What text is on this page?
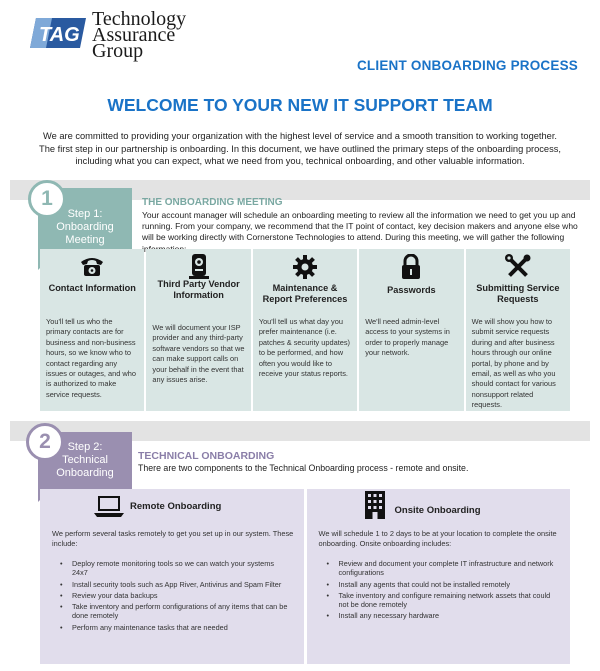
TAG
Technology
Assurance
Group
CLIENT ONBOARDING PROCESS
WELCOME TO YOUR NEW IT SUPPORT TEAM
We are committed to providing your organization with the highest level of service and a smooth transition to working together. The first step in our partnership is onboarding. In this document, we have outlined the primary steps of the onboarding process, including what you can expect, what we need from you, technical onboarding, and other valuable information.
Step 1:
Onboarding
Meeting
1	THE ONBOARDING MEETING
Your account manager will schedule an onboarding meeting to review all the information we need to get you up and running. From your company, we recommend that the IT point of contact, key decision makers and anyone else who will be working directly with Cornerstone Technologies to attend. During this meeting, we will gather the following
Contact Information
You'll tell us who the primary contacts are for business and non-business hours, so we know who to contact regarding any issues or outages, and who is authorized to make service requests.
Third Party Vendor Information
We will document your ISP provider and any third-party software vendors so that we can make support calls on your behalf in the event that any issues arise.
Maintenance & Report Preferences
You'll tell us what day you prefer maintenance (i.e. patches & security updates) to be performed, and how often you would like to receive your status reports.
Passwords
We'll need admin-level access to your systems in order to properly manage your network.
Submitting Service Requests
We will show you how to submit service requests during and after business hours through our online portal, by phone and by email, as well as who you should contact for various nonsupport related requests.
Step 2:
Technical
Onboarding
2
TECHNICAL ONBOARDING
There are two components to the Technical Onboarding process - remote and onsite.
Remote Onboarding
We perform several tasks remotely to get you set up in our system. These include:
• Deploy remote monitoring tools so we can watch your systems 24x7
• Install security tools such as App River, Antivirus and Spam Filter
• Review your data backups
• Take inventory and perform configurations of any items that can be done remotely
• Perform any maintenance tasks that are needed
Onsite Onboarding
We will schedule 1 to 2 days to be at your location to complete the onsite onboarding. Onsite onboarding includes:
• Review and document your complete IT infrastructure and network configurations
• Install any agents that could not be installed remotely
• Take inventory and configure remaining network assets that could not be done remotely
• Install any necessary hardware
